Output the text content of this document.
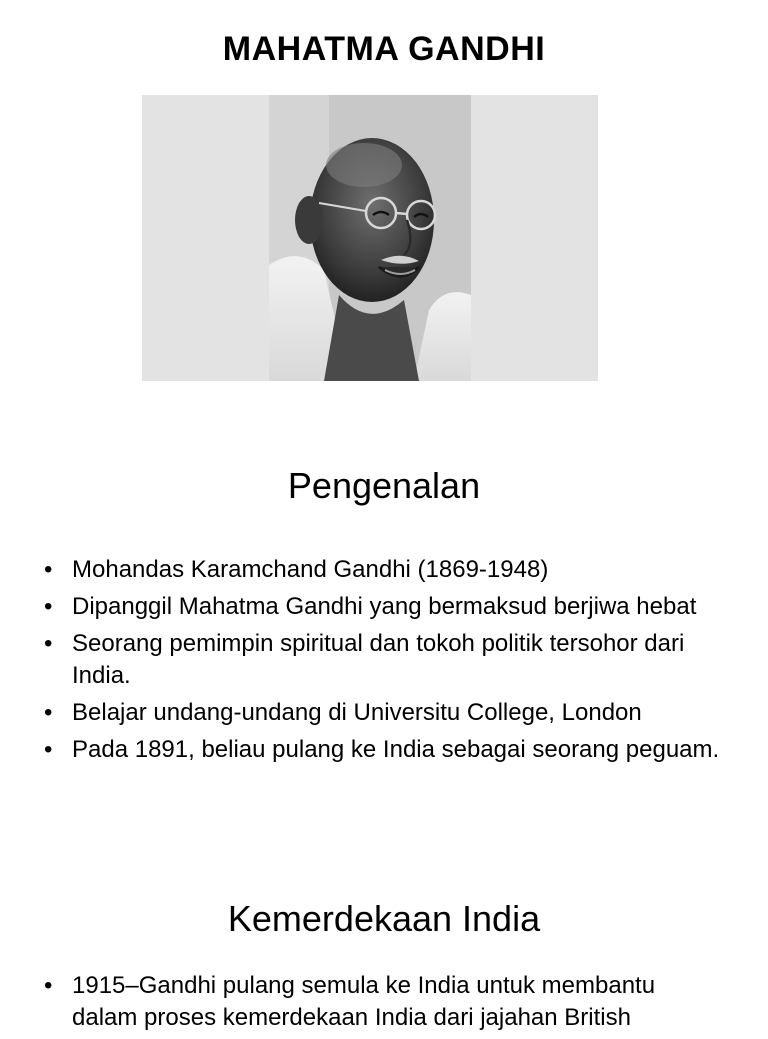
MAHATMA GANDHI
Pengenalan
• Mohandas Karamchand Gandhi (1869-1948)
• Dipanggil Mahatma Gandhi yang bermaksud berjiwa hebat
• Seorang pemimpin spiritual dan tokoh politik tersohor dari India.
• Belajar undang-undang di Universitu College, London
• Pada 1891, beliau pulang ke India sebagai seorang peguam.
Kemerdekaan India
• 1915–Gandhi pulang semula ke India untuk membantu dalam proses kemerdekaan India dari jajahan British
